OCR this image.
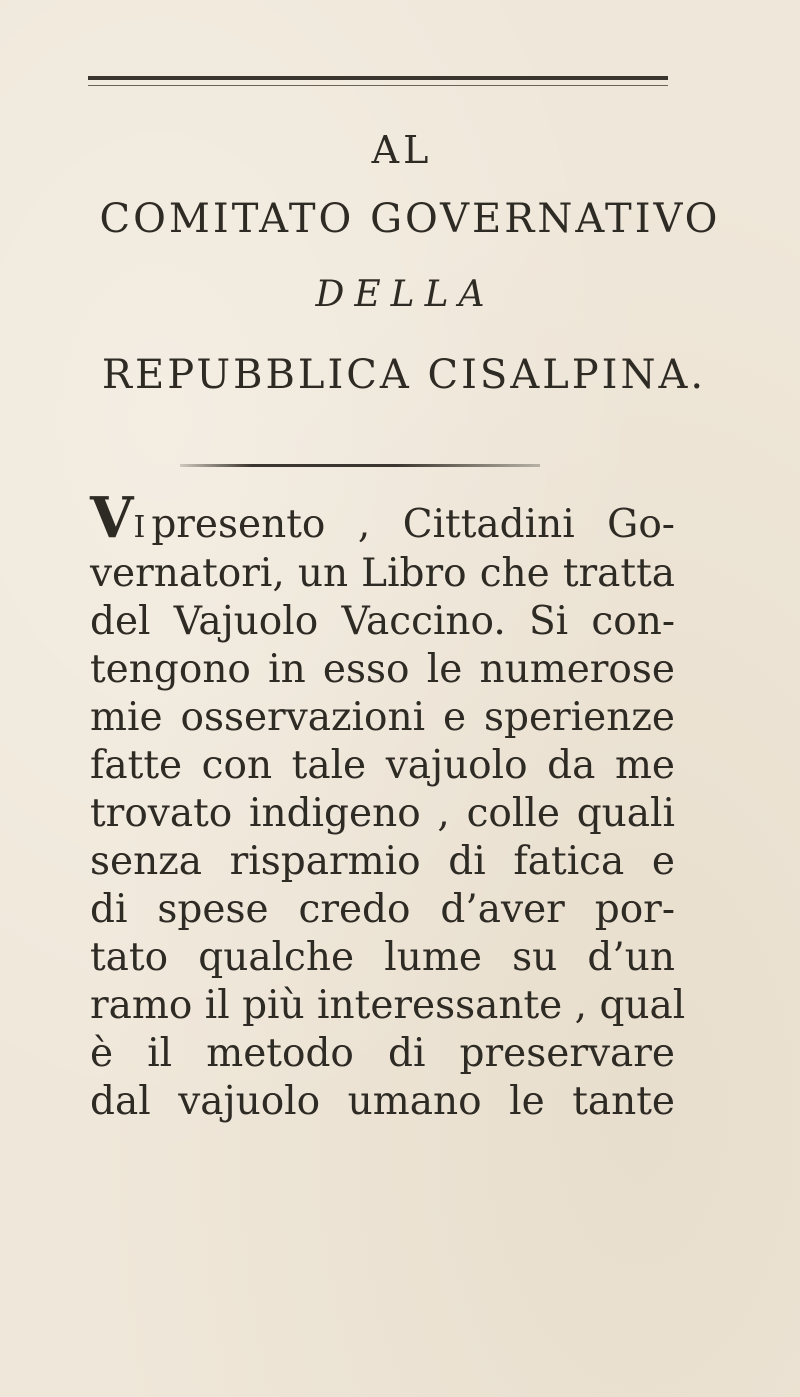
AL
COMITATO GOVERNATIVO
DELLA
REPUBBLICA CISALPINA.
VI presento , Cittadini Go-
vernatori, un Libro che tratta
del Vajuolo Vaccino. Si con-
tengono in esso le numerose
mie osservazioni e sperienze
fatte con tale vajuolo da me
trovato indigeno , colle quali
senza risparmio di fatica e
di spese credo d’aver por-
tato qualche lume su d’un
ramo il più interessante , qual
è il metodo di preservare
dal vajuolo umano le tante
